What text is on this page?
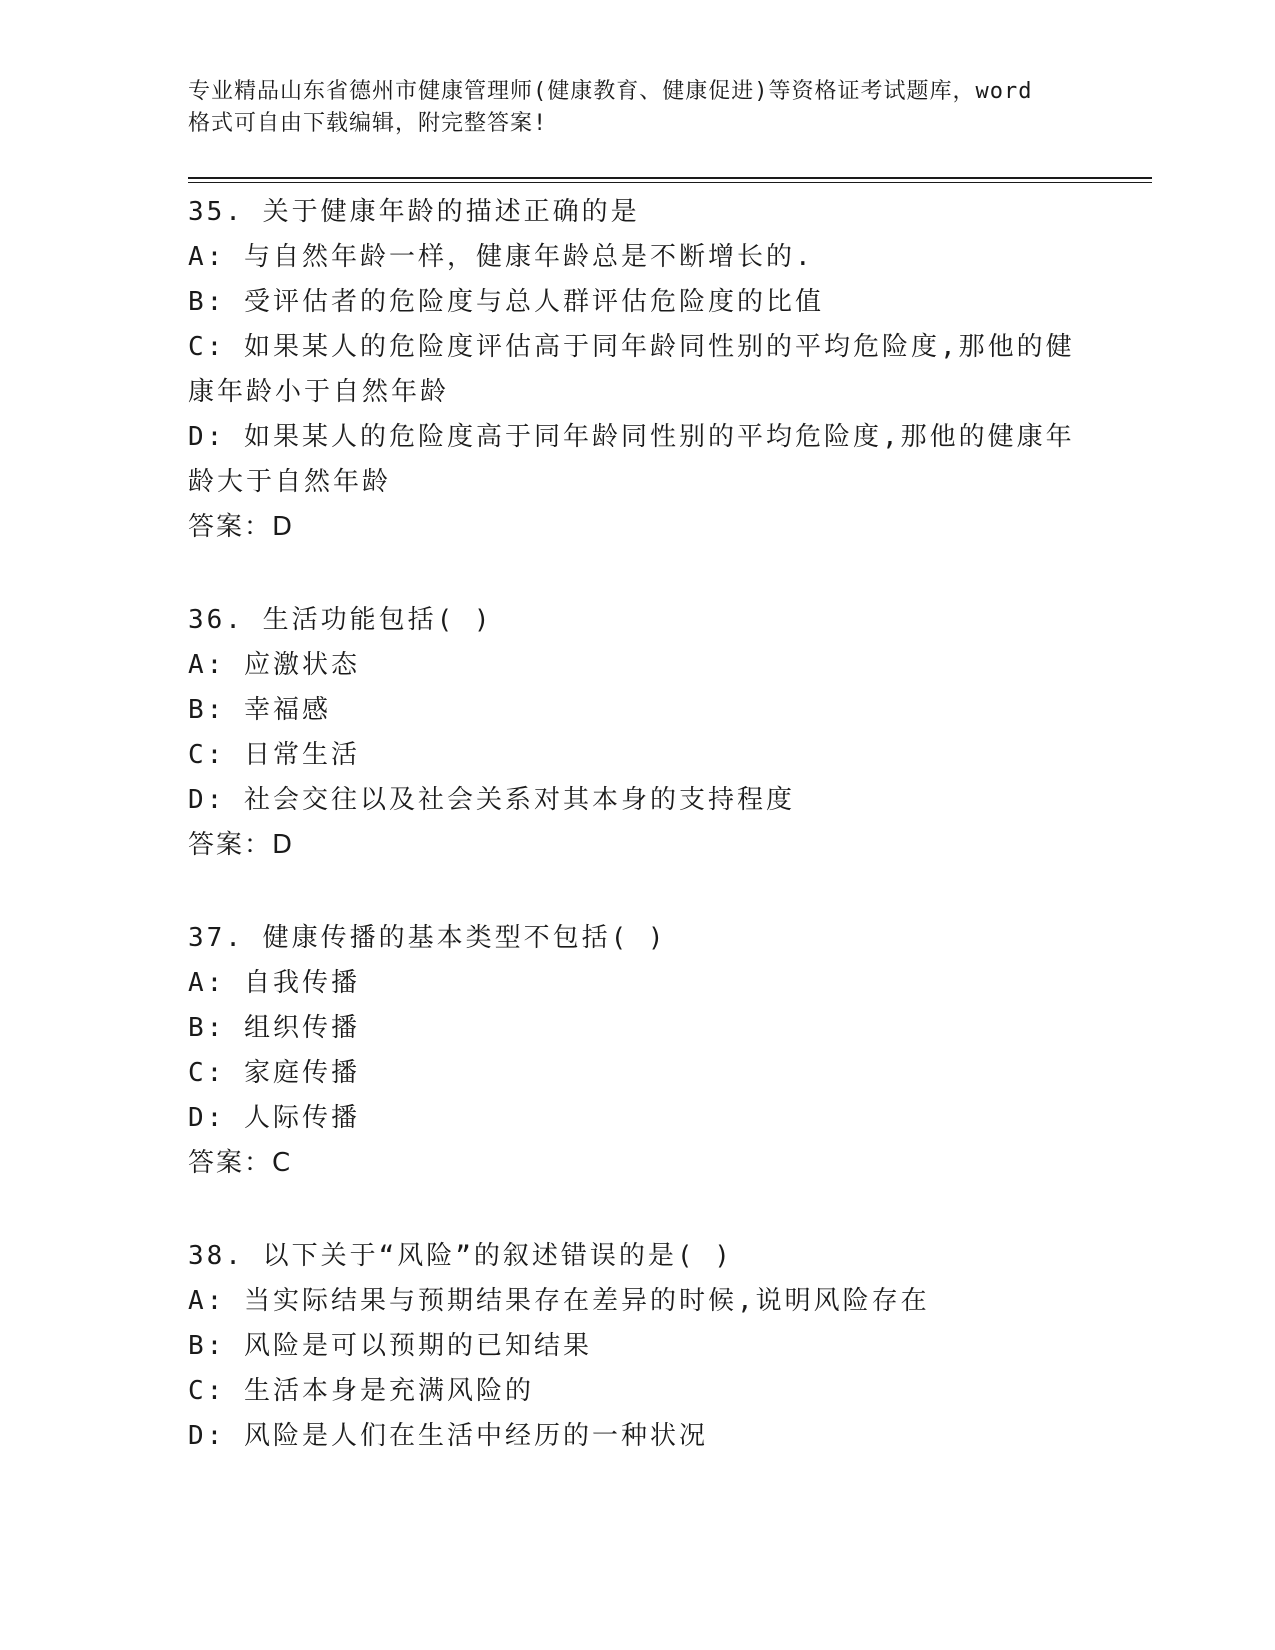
专业精品山东省德州市健康管理师(健康教育、健康促进)等资格证考试题库，word
格式可自由下载编辑，附完整答案!
35. 关于健康年龄的描述正确的是
A: 与自然年龄一样，健康年龄总是不断增长的.
B: 受评估者的危险度与总人群评估危险度的比值
C: 如果某人的危险度评估高于同年龄同性别的平均危险度,那他的健
康年龄小于自然年龄
D: 如果某人的危险度高于同年龄同性别的平均危险度,那他的健康年
龄大于自然年龄
答案：D
36. 生活功能包括( )
A: 应激状态
B: 幸福感
C: 日常生活
D: 社会交往以及社会关系对其本身的支持程度
答案：D
37. 健康传播的基本类型不包括( )
A: 自我传播
B: 组织传播
C: 家庭传播
D: 人际传播
答案：C
38. 以下关于“风险”的叙述错误的是( )
A: 当实际结果与预期结果存在差异的时候,说明风险存在
B: 风险是可以预期的已知结果
C: 生活本身是充满风险的
D: 风险是人们在生活中经历的一种状况
